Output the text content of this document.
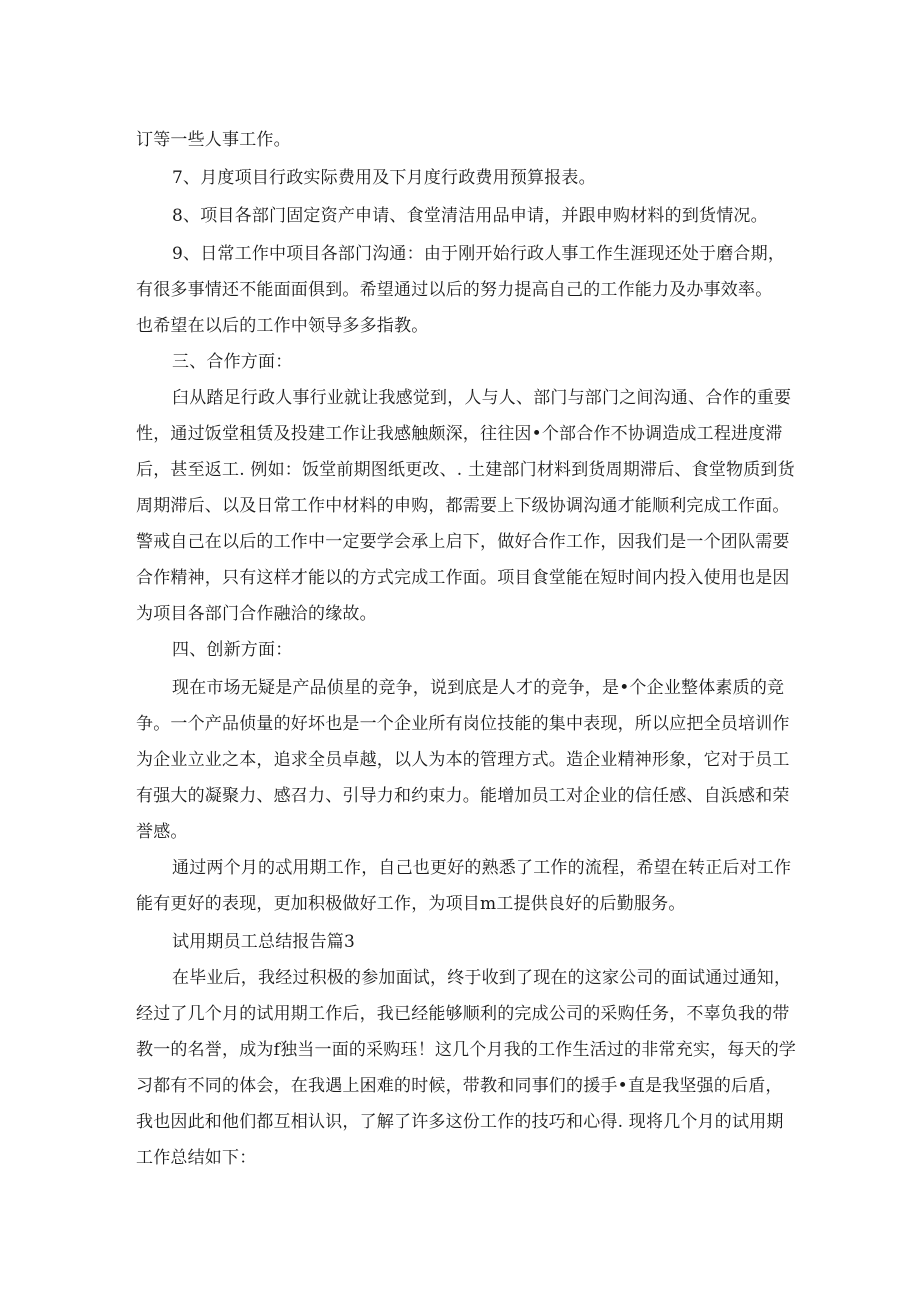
订等一些人事工作。
7、月度项目行政实际费用及下月度行政费用预算报表。
8、项目各部门固定资产申请、食堂清洁用品申请，并跟申购材料的到货情况。
9、日常工作中项目各部门沟通：由于刚开始行政人事工作生涯现还处于磨合期，
有很多事情还不能面面俱到。希望通过以后的努力提高自己的工作能力及办事效率。
也希望在以后的工作中领导多多指教。
三、合作方面：
臼从踏足行政人事行业就让我感觉到，人与人、部门与部门之间沟通、合作的重要
性，通过饭堂租赁及投建工作让我感触颇深，往往因•个部合作不协调造成工程进度滞
后，甚至返工. 例如：饭堂前期图纸更改、. 土建部门材料到货周期滞后、食堂物质到货
周期滞后、以及日常工作中材料的申购，都需要上下级协调沟通才能顺利完成工作面。
警戒自己在以后的工作中一定要学会承上启下，做好合作工作，因我们是一个团队需要
合作精神，只有这样才能以的方式完成工作面。项目食堂能在短时间内投入使用也是因
为项目各部门合作融洽的缘故。
四、创新方面：
现在市场无疑是产品侦星的竞争，说到底是人才的竞争，是•个企业整体素质的竞
争。一个产品侦量的好坏也是一个企业所有岗位技能的集中表现，所以应把全员培训作
为企业立业之本，追求全员卓越，以人为本的管理方式。造企业精神形象，它对于员工
有强大的凝聚力、感召力、引导力和约束力。能增加员工对企业的信任感、自浜感和荣
誉感。
通过两个月的忒用期工作，自己也更好的熟悉了工作的流程，希望在转正后对工作
能有更好的表现，更加积极做好工作，为项目m工提供良好的后勤服务。
试用期员工总结报告篇3
在毕业后，我经过积极的参加面试，终于收到了现在的这家公司的面试通过通知，
经过了几个月的试用期工作后，我已经能够顺利的完成公司的采购任务，不辜负我的带
教一的名誉，成为f独当一面的采购珏！这几个月我的工作生活过的非常充实，每天的学
习都有不同的体会，在我遇上困难的时候，带教和同事们的援手•直是我坚强的后盾，
我也因此和他们都互相认识，了解了许多这份工作的技巧和心得. 现将几个月的试用期
工作总结如下：
